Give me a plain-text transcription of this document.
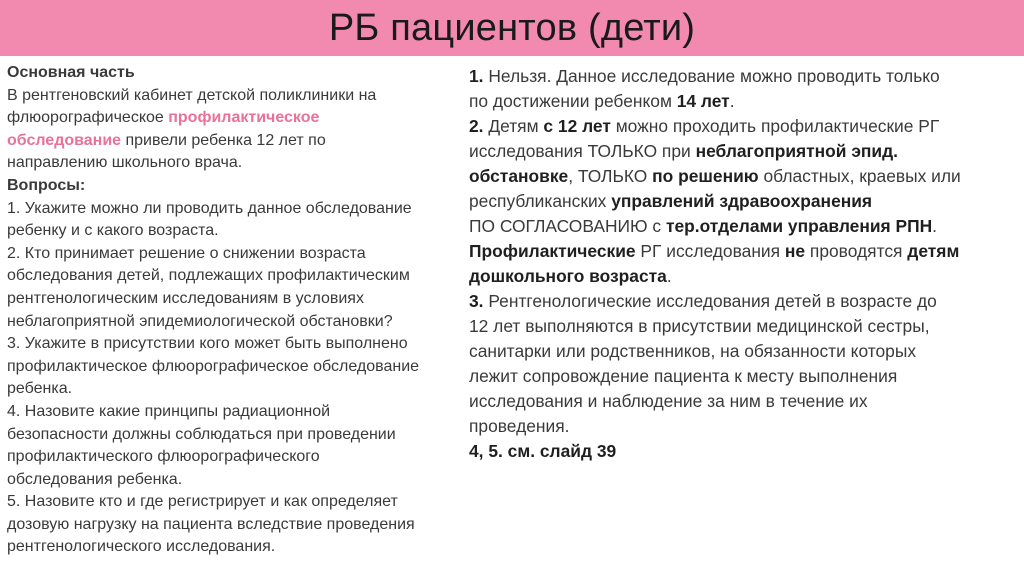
РБ пациентов (дети)
Основная часть
В рентгеновский кабинет детской поликлиники на
флюорографическое профилактическое
обследование привели ребенка 12 лет по
направлению школьного врача.
Вопросы:
1. Укажите можно ли проводить данное обследование
ребенку и с какого возраста.
2. Кто принимает решение о снижении возраста
обследования детей, подлежащих профилактическим
рентгенологическим исследованиям в условиях
неблагоприятной эпидемиологической обстановки?
3. Укажите в присутствии кого может быть выполнено
профилактическое флюорографическое обследование
ребенка.
4. Назовите какие принципы радиационной
безопасности должны соблюдаться при проведении
профилактического флюорографического
обследования ребенка.
5. Назовите кто и где регистрирует и как определяет
дозовую нагрузку на пациента вследствие проведения
рентгенологического исследования.
1. Нельзя. Данное исследование можно проводить только
по достижении ребенком 14 лет.
2. Детям с 12 лет можно проходить профилактические РГ
исследования ТОЛЬКО при неблагоприятной эпид.
обстановке, ТОЛЬКО по решению областных, краевых или
республиканских управлений здравоохранения
ПО СОГЛАСОВАНИЮ с тер.отделами управления РПН.
Профилактические РГ исследования не проводятся детям
дошкольного возраста.
3. Рентгенологические исследования детей в возрасте до
12 лет выполняются в присутствии медицинской сестры,
санитарки или родственников, на обязанности которых
лежит сопровождение пациента к месту выполнения
исследования и наблюдение за ним в течение их
проведения.
4, 5. см. слайд 39
